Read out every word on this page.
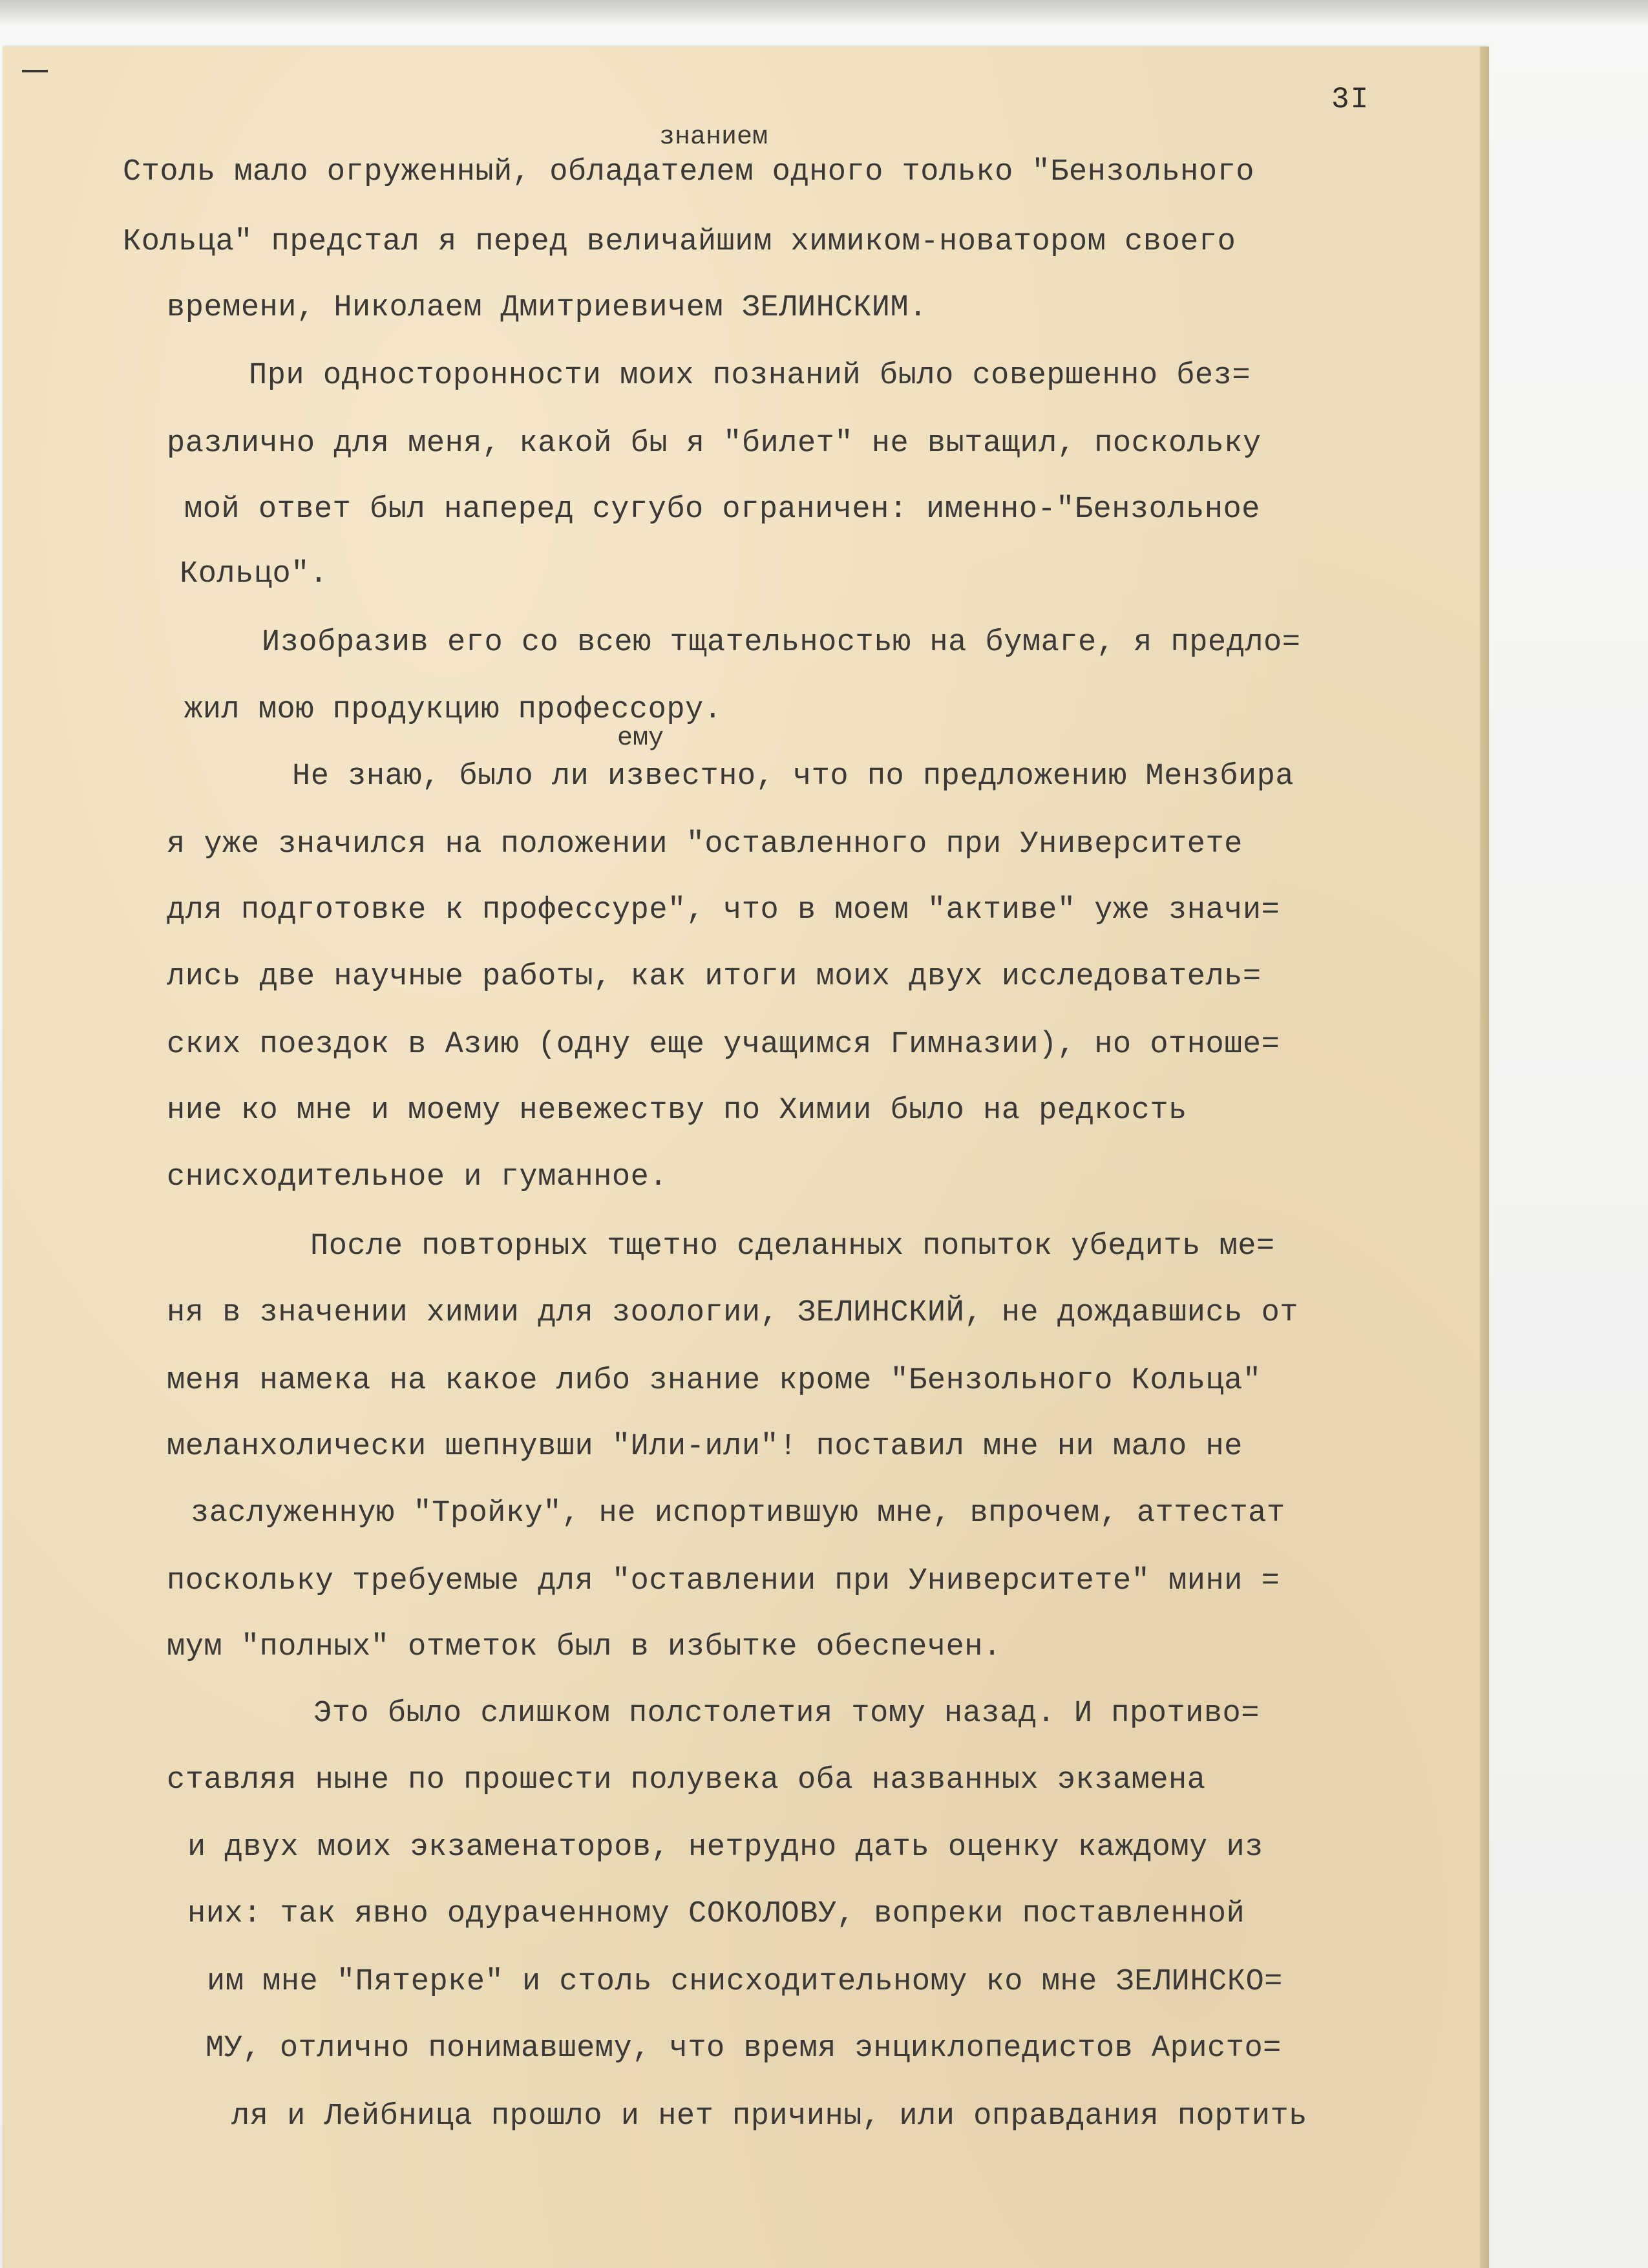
3I
знанием
ему
Столь мало огруженный, обладателем одного только "Бензольного
Кольца" предстал я перед величайшим химиком-новатором своего
времени, Николаем Дмитриевичем ЗЕЛИНСКИМ.
При односторонности моих познаний было совершенно без=
различно для меня, какой бы я "билет" не вытащил, поскольку
мой ответ был наперед сугубо ограничен: именно-"Бензольное
Кольцо".
Изобразив его со всею тщательностью на бумаге, я предло=
жил мою продукцию профессору.
Не знаю, было ли известно, что по предложению Мензбира
я уже значился на положении "оставленного при Университете
для подготовке к профессуре", что в моем "активе" уже значи=
лись две научные работы, как итоги моих двух исследователь=
ских поездок в Азию (одну еще учащимся Гимназии), но отноше=
ние ко мне и моему невежеству по Химии было на редкость
снисходительное и гуманное.
После повторных тщетно сделанных попыток убедить ме=
ня в значении химии для зоологии, ЗЕЛИНСКИЙ, не дождавшись от
меня намека на какое либо знание кроме "Бензольного Кольца"
меланхолически шепнувши "Или-или"! поставил мне ни мало не
заслуженную "Тройку", не испортившую мне, впрочем, аттестат
поскольку требуемые для "оставлении при Университете" мини =
мум "полных" отметок был в избытке обеспечен.
Это было слишком полстолетия тому назад. И противо=
ставляя ныне по прошести полувека оба названных экзамена
и двух моих экзаменаторов, нетрудно дать оценку каждому из
них: так явно одураченному СОКОЛОВУ, вопреки поставленной
им мне "Пятерке" и столь снисходительному ко мне ЗЕЛИНСКО=
МУ, отлично понимавшему, что время энциклопедистов Аристо=
ля и Лейбница прошло и нет причины, или оправдания портить
